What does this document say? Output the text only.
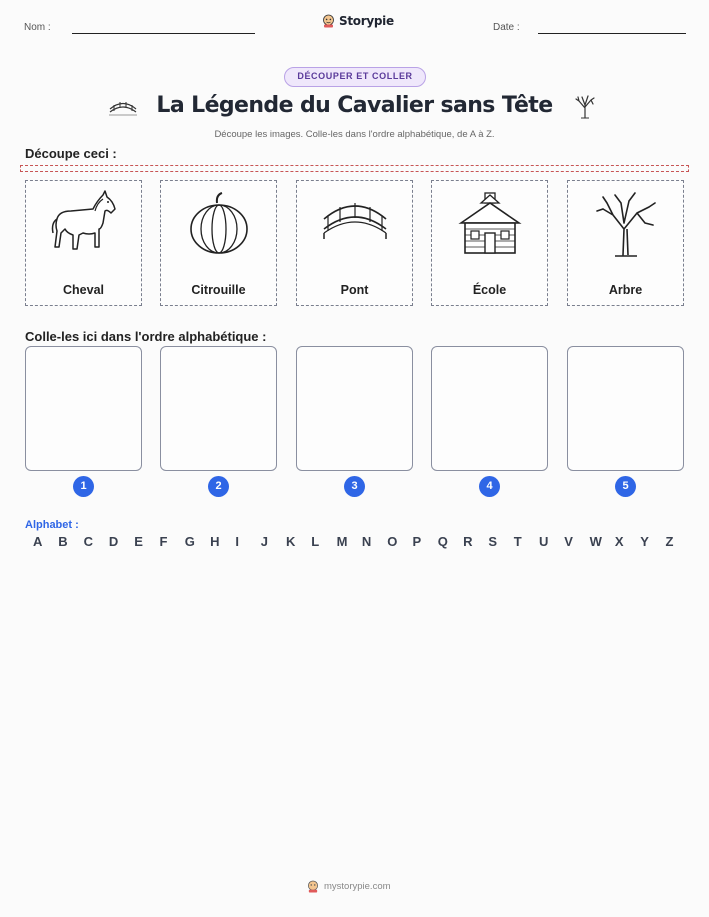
Nom :	Storypie	Date :
DÉCOUPER ET COLLER
La Légende du Cavalier sans Tête
Découpe les images. Colle-les dans l'ordre alphabétique, de A à Z.
Découpe ceci :
Cheval	Citrouille	Pont	École	Arbre
Colle-les ici dans l'ordre alphabétique :
1	2	3	4	5
Alphabet :
A B C D E F G H I J K L M N O P Q R S T U V W X Y Z
mystorypie.com
